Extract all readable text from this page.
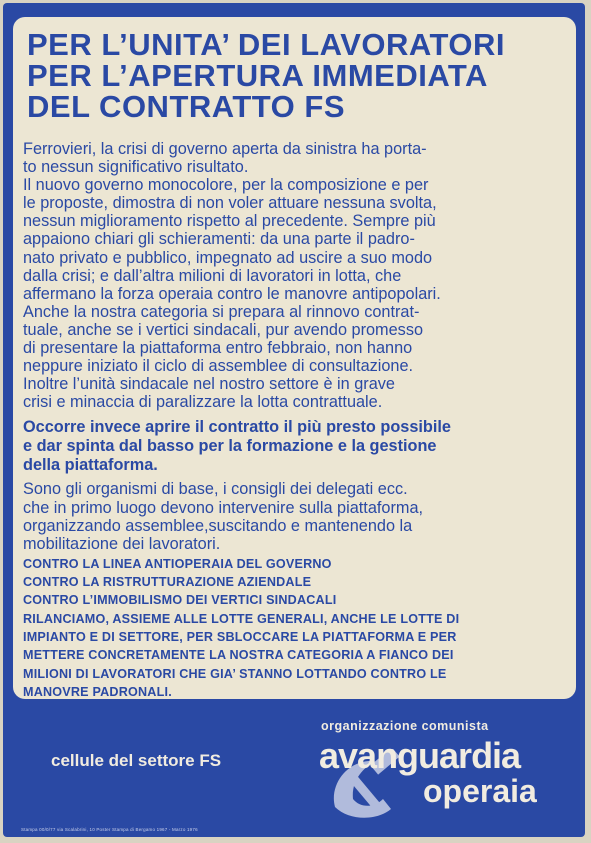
PER L’UNITA’ DEI LAVORATORI
PER L’APERTURA IMMEDIATA
DEL CONTRATTO FS

Ferrovieri, la crisi di governo aperta da sinistra ha porta-
to nessun significativo risultato.
Il nuovo governo monocolore, per la composizione e per
le proposte, dimostra di non voler attuare nessuna svolta,
nessun miglioramento rispetto al precedente. Sempre più
appaiono chiari gli schieramenti: da una parte il padro-
nato privato e pubblico, impegnato ad uscire a suo modo
dalla crisi; e dall’altra milioni di lavoratori in lotta, che
affermano la forza operaia contro le manovre antipopolari.
Anche la nostra categoria si prepara al rinnovo contrat-
tuale, anche se i vertici sindacali, pur avendo promesso
di presentare la piattaforma entro febbraio, non hanno
neppure iniziato il ciclo di assemblee di consultazione.
Inoltre l’unità sindacale nel nostro settore è in grave
crisi e minaccia di paralizzare la lotta contrattuale.

Occorre invece aprire il contratto il più presto possibile
e dar spinta dal basso per la formazione e la gestione
della piattaforma.

Sono gli organismi di base, i consigli dei delegati ecc.
che in primo luogo devono intervenire sulla piattaforma,
organizzando assemblee,suscitando e mantenendo la
mobilitazione dei lavoratori.

CONTRO LA LINEA ANTIOPERAIA DEL GOVERNO
CONTRO LA RISTRUTTURAZIONE AZIENDALE
CONTRO L’IMMOBILISMO DEI VERTICI SINDACALI
RILANCIAMO, ASSIEME ALLE LOTTE GENERALI, ANCHE LE LOTTE DI
IMPIANTO E DI SETTORE, PER SBLOCCARE LA PIATTAFORMA E PER
METTERE CONCRETAMENTE LA NOSTRA CATEGORIA A FIANCO DEI
MILIONI DI LAVORATORI CHE GIA’ STANNO LOTTANDO CONTRO LE
MANOVRE PADRONALI.
cellule del settore FS
organizzazione comunista
avanguardia
operaia
Stampa 00/0/77 via Scalabrini, 10 Poster Stampa di Bergamo 1967 - Marzo 1976
